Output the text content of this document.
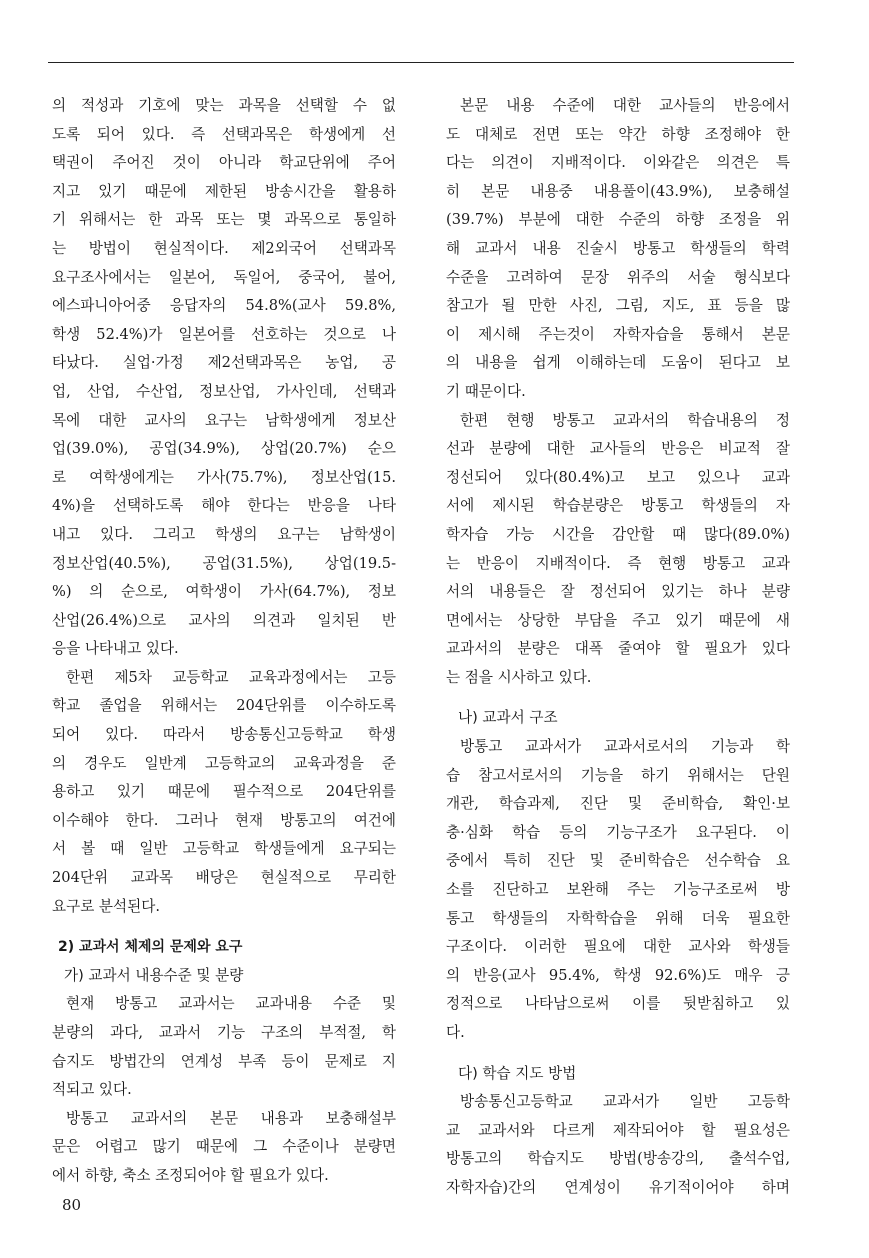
의 적성과 기호에 맞는 과목을 선택할 수 없
도록 되어 있다. 즉 선택과목은 학생에게 선
택권이 주어진 것이 아니라 학교단위에 주어
지고 있기 때문에 제한된 방송시간을 활용하
기 위해서는 한 과목 또는 몇 과목으로 통일하
는 방법이 현실적이다. 제2외국어 선택과목
요구조사에서는 일본어, 독일어, 중국어, 불어,
에스파니아어중 응답자의 54.8%(교사 59.8%,
학생 52.4%)가 일본어를 선호하는 것으로 나
타났다. 실업·가정 제2선택과목은 농업, 공
업, 산업, 수산업, 정보산업, 가사인데, 선택과
목에 대한 교사의 요구는 남학생에게 정보산
업(39.0%), 공업(34.9%), 상업(20.7%) 순으
로 여학생에게는 가사(75.7%), 정보산업(15.
4%)을 선택하도록 해야 한다는 반응을 나타
내고 있다. 그리고 학생의 요구는 남학생이
정보산업(40.5%), 공업(31.5%), 상업(19.5-
%) 의 순으로, 여학생이 가사(64.7%), 정보
산업(26.4%)으로 교사의 의견과 일치된 반
응을 나타내고 있다.
한편 제5차 교등학교 교육과정에서는 고등
학교 졸업을 위해서는 204단위를 이수하도록
되어 있다. 따라서 방송통신고등학교 학생
의 경우도 일반계 고등학교의 교육과정을 준
용하고 있기 때문에 필수적으로 204단위를
이수해야 한다. 그러나 현재 방통고의 여건에
서 볼 때 일반 고등학교 학생들에게 요구되는
204단위 교과목 배당은 현실적으로 무리한
요구로 분석된다.
2) 교과서 체제의 문제와 요구
가) 교과서 내용수준 및 분량
현재 방통고 교과서는 교과내용 수준 및
분량의 과다, 교과서 기능 구조의 부적절, 학
습지도 방법간의 연계성 부족 등이 문제로 지
적되고 있다.
방통고 교과서의 본문 내용과 보충해설부
문은 어렵고 많기 때문에 그 수준이나 분량면
에서 하향, 축소 조정되어야 할 필요가 있다.
본문 내용 수준에 대한 교사들의 반응에서
도 대체로 전면 또는 약간 하향 조정해야 한
다는 의견이 지배적이다. 이와같은 의견은 특
히 본문 내용중 내용풀이(43.9%), 보충해설
(39.7%) 부분에 대한 수준의 하향 조정을 위
해 교과서 내용 진술시 방통고 학생들의 학력
수준을 고려하여 문장 위주의 서술 형식보다
참고가 될 만한 사진, 그림, 지도, 표 등을 많
이 제시해 주는것이 자학자습을 통해서 본문
의 내용을 쉽게 이해하는데 도움이 된다고 보
기 때문이다.
한편 현행 방통고 교과서의 학습내용의 정
선과 분량에 대한 교사들의 반응은 비교적 잘
정선되어 있다(80.4%)고 보고 있으나 교과
서에 제시된 학습분량은 방통고 학생들의 자
학자습 가능 시간을 감안할 때 많다(89.0%)
는 반응이 지배적이다. 즉 현행 방통고 교과
서의 내용들은 잘 정선되어 있기는 하나 분량
면에서는 상당한 부담을 주고 있기 때문에 새
교과서의 분량은 대폭 줄여야 할 필요가 있다
는 점을 시사하고 있다.
나) 교과서 구조
방통고 교과서가 교과서로서의 기능과 학
습 참고서로서의 기능을 하기 위해서는 단원
개관, 학습과제, 진단 및 준비학습, 확인·보
충·심화 학습 등의 기능구조가 요구된다. 이
중에서 특히 진단 및 준비학습은 선수학습 요
소를 진단하고 보완해 주는 기능구조로써 방
통고 학생들의 자학학습을 위해 더욱 필요한
구조이다. 이러한 필요에 대한 교사와 학생들
의 반응(교사 95.4%, 학생 92.6%)도 매우 긍
정적으로 나타남으로써 이를 뒷받침하고 있
다.
다) 학습 지도 방법
방송통신고등학교 교과서가 일반 고등학
교 교과서와 다르게 제작되어야 할 필요성은
방통고의 학습지도 방법(방송강의, 출석수업,
자학자습)간의 연계성이 유기적이어야 하며
80
